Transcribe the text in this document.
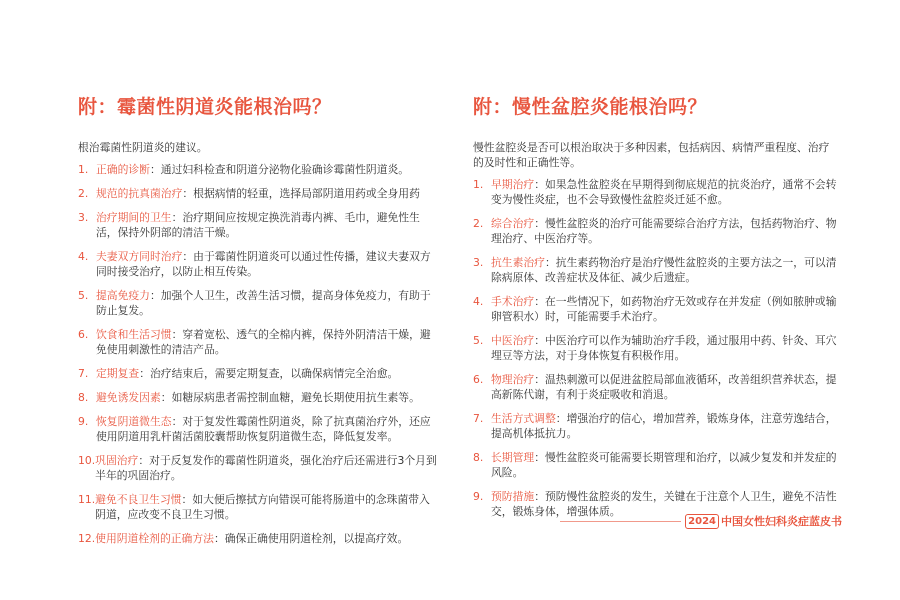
附：霉菌性阴道炎能根治吗？

根治霉菌性阴道炎的建议。

1. 正确的诊断：通过妇科检查和阴道分泌物化验确诊霉菌性阴道炎。
2. 规范的抗真菌治疗：根据病情的轻重，选择局部阴道用药或全身用药
3. 治疗期间的卫生：治疗期间应按规定换洗消毒内裤、毛巾，避免性生活，保持外阴部的清洁干燥。
4. 夫妻双方同时治疗：由于霉菌性阴道炎可以通过性传播，建议夫妻双方同时接受治疗，以防止相互传染。
5. 提高免疫力：加强个人卫生，改善生活习惯，提高身体免疫力，有助于防止复发。
6. 饮食和生活习惯：穿着宽松、透气的全棉内裤，保持外阴清洁干燥，避免使用刺激性的清洁产品。
7. 定期复查：治疗结束后，需要定期复查，以确保病情完全治愈。
8. 避免诱发因素：如糖尿病患者需控制血糖，避免长期使用抗生素等。
9. 恢复阴道微生态：对于复发性霉菌性阴道炎，除了抗真菌治疗外，还应使用阴道用乳杆菌活菌胶囊帮助恢复阴道微生态，降低复发率。
10. 巩固治疗：对于反复发作的霉菌性阴道炎，强化治疗后还需进行3个月到半年的巩固治疗。
11. 避免不良卫生习惯：如大便后擦拭方向错误可能将肠道中的念珠菌带入阴道，应改变不良卫生习惯。
12. 使用阴道栓剂的正确方法：确保正确使用阴道栓剂，以提高疗效。
附：慢性盆腔炎能根治吗？

慢性盆腔炎是否可以根治取决于多种因素，包括病因、病情严重程度、治疗的及时性和正确性等。

1. 早期治疗：如果急性盆腔炎在早期得到彻底规范的抗炎治疗，通常不会转变为慢性炎症，也不会导致慢性盆腔炎迁延不愈。
2. 综合治疗：慢性盆腔炎的治疗可能需要综合治疗方法，包括药物治疗、物理治疗、中医治疗等。
3. 抗生素治疗：抗生素药物治疗是治疗慢性盆腔炎的主要方法之一，可以清除病原体、改善症状及体征、减少后遗症。
4. 手术治疗：在一些情况下，如药物治疗无效或存在并发症（例如脓肿或输卵管积水）时，可能需要手术治疗。
5. 中医治疗：中医治疗可以作为辅助治疗手段，通过服用中药、针灸、耳穴埋豆等方法，对于身体恢复有积极作用。
6. 物理治疗：温热刺激可以促进盆腔局部血液循环，改善组织营养状态，提高新陈代谢，有利于炎症吸收和消退。
7. 生活方式调整：增强治疗的信心，增加营养，锻炼身体，注意劳逸结合，提高机体抵抗力。
8. 长期管理：慢性盆腔炎可能需要长期管理和治疗，以减少复发和并发症的风险。
9. 预防措施：预防慢性盆腔炎的发生，关键在于注意个人卫生，避免不洁性交，锻炼身体，增强体质。
2024 中国女性妇科炎症蓝皮书
